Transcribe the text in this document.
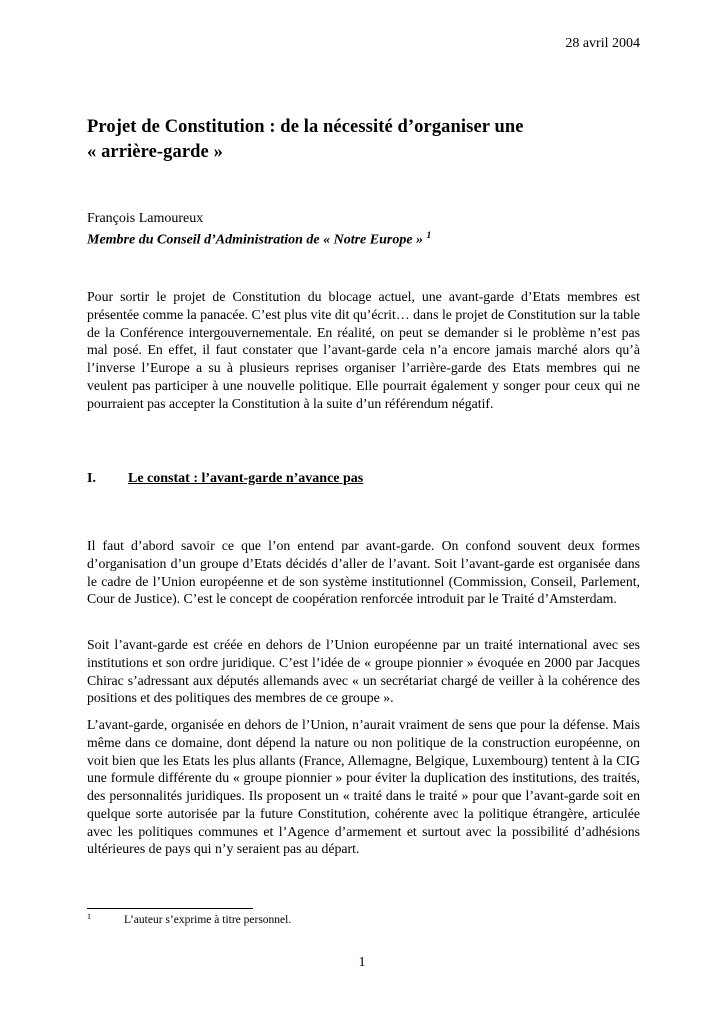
28 avril 2004
Projet de Constitution : de la nécessité d’organiser une
« arrière-garde »
François Lamoureux
Membre du Conseil d’Administration de « Notre Europe » $^1$
Pour sortir le projet de Constitution du blocage actuel, une avant-garde d’Etats membres est présentée comme la panacée. C’est plus vite dit qu’écrit… dans le projet de Constitution sur la table de la Conférence intergouvernementale. En réalité, on peut se demander si le problème n’est pas mal posé. En effet, il faut constater que l’avant-garde cela n’a encore jamais marché alors qu’à l’inverse l’Europe a su à plusieurs reprises organiser l’arrière-garde des Etats membres qui ne veulent pas participer à une nouvelle politique. Elle pourrait également y songer pour ceux qui ne pourraient pas accepter la Constitution à la suite d’un référendum négatif.
I. Le constat : l’avant-garde n’avance pas
Il faut d’abord savoir ce que l’on entend par avant-garde. On confond souvent deux formes d’organisation d’un groupe d’Etats décidés d’aller de l’avant. Soit l’avant-garde est organisée dans le cadre de l’Union européenne et de son système institutionnel (Commission, Conseil, Parlement, Cour de Justice). C’est le concept de coopération renforcée introduit par le Traité d’Amsterdam.
Soit l’avant-garde est créée en dehors de l’Union européenne par un traité international avec ses institutions et son ordre juridique. C’est l’idée de « groupe pionnier » évoquée en 2000 par Jacques Chirac s’adressant aux députés allemands avec « un secrétariat chargé de veiller à la cohérence des positions et des politiques des membres de ce groupe ».
L’avant-garde, organisée en dehors de l’Union, n’aurait vraiment de sens que pour la défense. Mais même dans ce domaine, dont dépend la nature ou non politique de la construction européenne, on voit bien que les Etats les plus allants (France, Allemagne, Belgique, Luxembourg) tentent à la CIG une formule différente du « groupe pionnier » pour éviter la duplication des institutions, des traités, des personnalités juridiques. Ils proposent un « traité dans le traité » pour que l’avant-garde soit en quelque sorte autorisée par la future Constitution, cohérente avec la politique étrangère, articulée avec les politiques communes et l’Agence d’armement et surtout avec la possibilité d’adhésions ultérieures de pays qui n’y seraient pas au départ.
1	L’auteur s’exprime à titre personnel.
1
